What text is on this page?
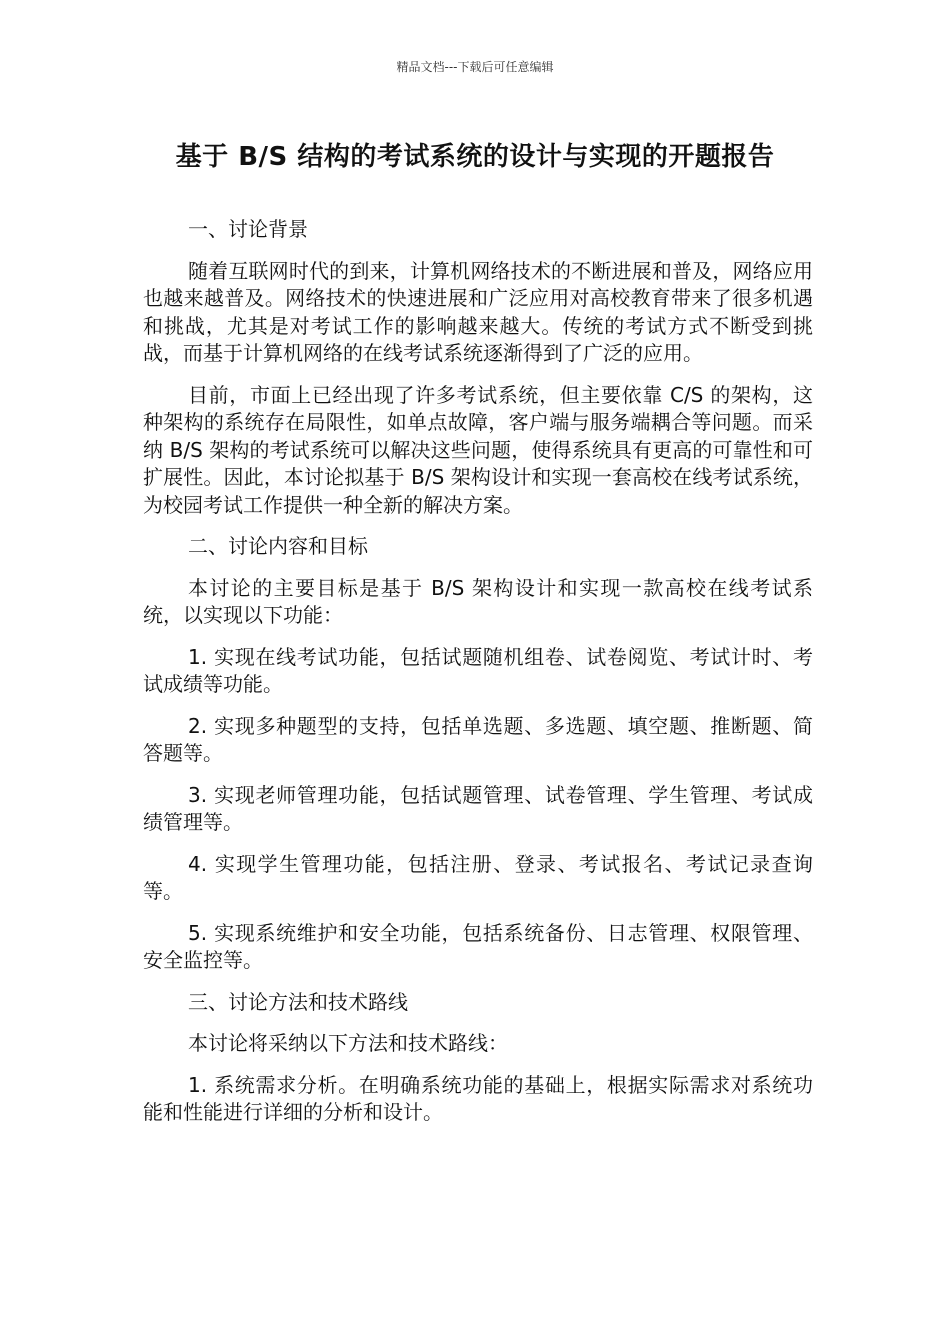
精品文档---下载后可任意编辑
基于 B/S 结构的考试系统的设计与实现的开题报告

一、讨论背景

随着互联网时代的到来，计算机网络技术的不断进展和普及，网络应用也越来越普及。网络技术的快速进展和广泛应用对高校教育带来了很多机遇和挑战，尤其是对考试工作的影响越来越大。传统的考试方式不断受到挑战，而基于计算机网络的在线考试系统逐渐得到了广泛的应用。

目前，市面上已经出现了许多考试系统，但主要依靠 C/S 的架构，这种架构的系统存在局限性，如单点故障，客户端与服务端耦合等问题。而采纳 B/S 架构的考试系统可以解决这些问题，使得系统具有更高的可靠性和可扩展性。因此，本讨论拟基于 B/S 架构设计和实现一套高校在线考试系统，为校园考试工作提供一种全新的解决方案。

二、讨论内容和目标

本讨论的主要目标是基于 B/S 架构设计和实现一款高校在线考试系统，以实现以下功能：

1. 实现在线考试功能，包括试题随机组卷、试卷阅览、考试计时、考试成绩等功能。

2. 实现多种题型的支持，包括单选题、多选题、填空题、推断题、简答题等。

3. 实现老师管理功能，包括试题管理、试卷管理、学生管理、考试成绩管理等。

4. 实现学生管理功能，包括注册、登录、考试报名、考试记录查询等。

5. 实现系统维护和安全功能，包括系统备份、日志管理、权限管理、安全监控等。

三、讨论方法和技术路线

本讨论将采纳以下方法和技术路线：

1. 系统需求分析。在明确系统功能的基础上，根据实际需求对系统功能和性能进行详细的分析和设计。
